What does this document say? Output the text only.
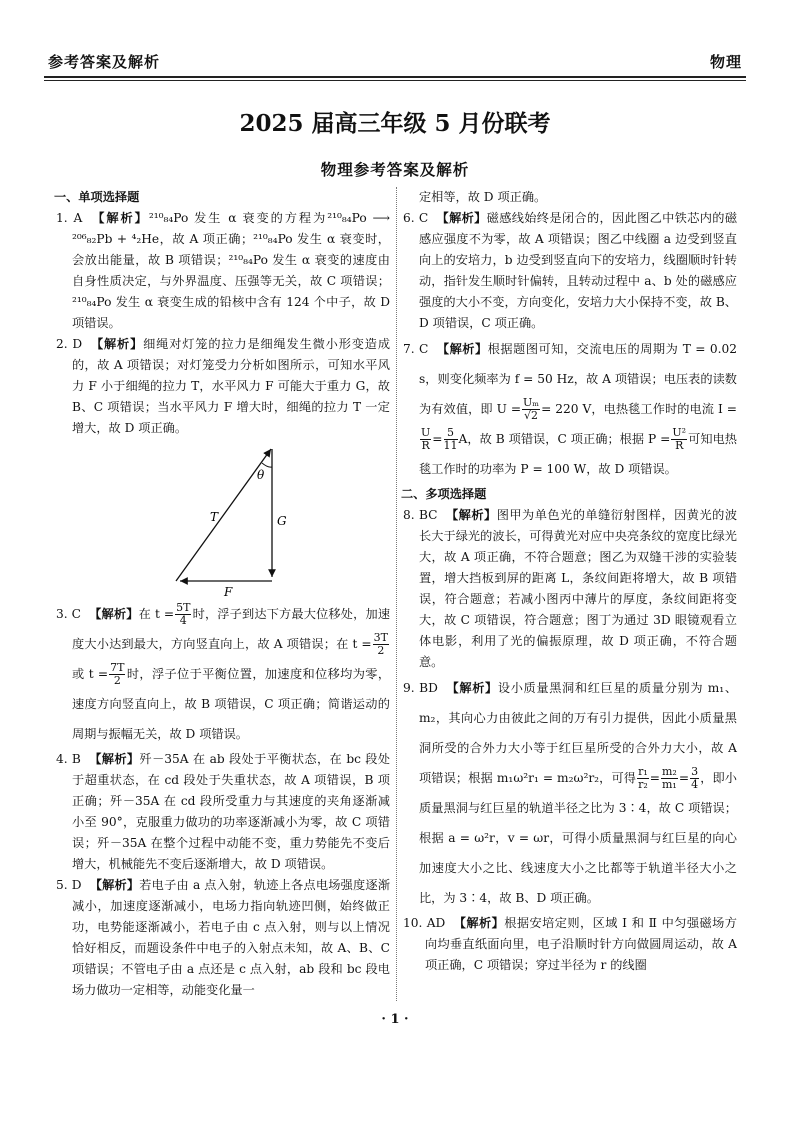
参考答案及解析	物理
2025 届高三年级 5 月份联考
物理参考答案及解析
一、单项选择题
1. A 【解析】²¹⁰₈₄Po 发生 α 衰变的方程为²¹⁰₈₄Po ⟶ ²⁰⁶₈₂Pb + ⁴₂He，故 A 项正确；²¹⁰₈₄Po 发生 α 衰变时，会放出能量，故 B 项错误；²¹⁰₈₄Po 发生 α 衰变的速度由自身性质决定，与外界温度、压强等无关，故 C 项错误；²¹⁰₈₄Po 发生 α 衰变生成的铅核中含有 124 个中子，故 D 项错误。
2. D 【解析】细绳对灯笼的拉力是细绳发生微小形变造成的，故 A 项错误；对灯笼受力分析如图所示，可知水平风力 F 小于细绳的拉力 T，水平风力 F 可能大于重力 G，故 B、C 项错误；当水平风力 F 增大时，细绳的拉力 T 一定增大，故 D 项正确。
θ
T	G
F
3. C 【解析】在 $t = \frac{5T}{4}$ 时，浮子到达下方最大位移处，加速度大小达到最大，方向竖直向上，故 A 项错误；在 $t = \frac{3T}{2}$
或 $t = \frac{7T}{2}$ 时，浮子位于平衡位置，加速度和位移均为零，速度方向竖直向上，故 B 项错误，C 项正确；简谐运动的周期与振幅无关，故 D 项错误。
4. B 【解析】歼－35A 在 ab 段处于平衡状态，在 bc 段处于超重状态，在 cd 段处于失重状态，故 A 项错误，B 项正确；歼－35A 在 cd 段所受重力与其速度的夹角逐渐减小至 90°，克服重力做功的功率逐渐减小为零，故 C 项错误；歼－35A 在整个过程中动能不变，重力势能先不变后增大，机械能先不变后逐渐增大，故 D 项错误。
5. D 【解析】若电子由 a 点入射，轨迹上各点电场强度逐渐减小，加速度逐渐减小，电场力指向轨迹凹侧，始终做正功，电势能逐渐减小，若电子由 c 点入射，则与以上情况恰好相反，而题设条件中电子的入射点未知，故 A、B、C 项错误；不管电子由 a 点还是 c 点入射，ab 段和 bc 段电场力做功一定相等，动能变化量一
定相等，故 D 项正确。
6. C 【解析】磁感线始终是闭合的，因此图乙中铁芯内的磁感应强度不为零，故 A 项错误；图乙中线圈 a 边受到竖直向上的安培力，b 边受到竖直向下的安培力，线圈顺时针转动，指针发生顺时针偏转，且转动过程中 a、b 处的磁感应强度的大小不变，方向变化，安培力大小保持不变，故 B、D 项错误，C 项正确。
7. C 【解析】根据题图可知，交流电压的周期为 T = 0.02 s，则变化频率为 f = 50 Hz，故 A 项错误；电压表的读数为有效值，即 $U = \frac{\text{Uₘ}}{√2} = 220$ V，电热毯工作时的电流 I =
$\frac{U}{R} = \frac{5}{11}$ A，故 B 项错误，C 项正确；根据 $P = \frac{\text{U²}}{R}$ 可知电热毯工作时的功率为 P = 100 W，故 D 项错误。
二、多项选择题
8. BC 【解析】图甲为单色光的单缝衍射图样，因黄光的波长大于绿光的波长，可得黄光对应中央亮条纹的宽度比绿光大，故 A 项正确，不符合题意；图乙为双缝干涉的实验装置，增大挡板到屏的距离 L，条纹间距将增大，故 B 项错误，符合题意；若减小图丙中薄片的厚度，条纹间距将变大，故 C 项错误，符合题意；图丁为通过 3D 眼镜观看立体电影，利用了光的偏振原理，故 D 项正确，不符合题意。
9. BD 【解析】设小质量黑洞和红巨星的质量分别为 m₁、m₂，其向心力由彼此之间的万有引力提供，因此小质量黑洞所受的合外力大小等于红巨星所受的合外力大小，故 A 项错误；根据 m₁ω²r₁ = m₂ω²r₂，可得 $\frac{\text{r₁}}{\text{r₂}} = \frac{\text{m₂}}{\text{m₁}} = \frac{3}{4}$ ，即小质量黑洞与红巨星的轨道半径之比为 3∶4，故 C 项错误；根据 a = ω²r，v = ωr，可得小质量黑洞与红巨星的向心加速度大小之比、线速度大小之比都等于轨道半径大小之比，为 3∶4，故 B、D 项正确。
10. AD 【解析】根据安培定则，区域 Ⅰ 和 Ⅱ 中匀强磁场方向均垂直纸面向里，电子沿顺时针方向做圆周运动，故 A 项正确，C 项错误；穿过半径为 r 的线圈
· 1 ·
